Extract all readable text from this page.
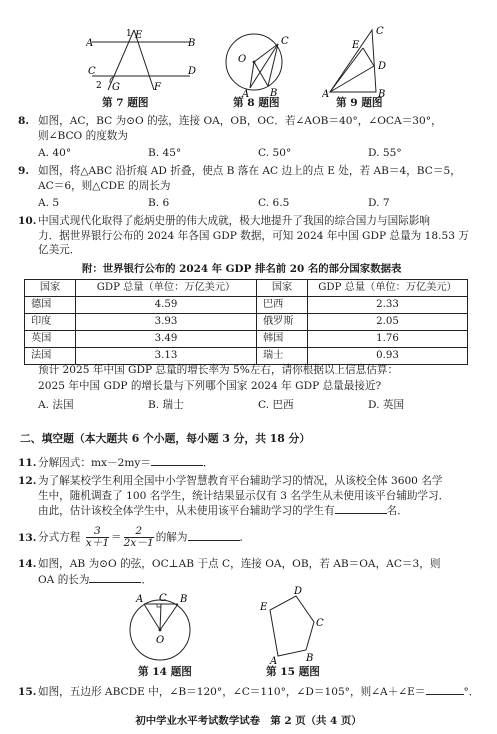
A
1 E
B
C	D
2 G	F
第 7 题图
O
C
A B
第 8 题图
C
E
D
A	B
第 9 题图
8. 如图，AC，BC 为⊙O 的弦，连接 OA，OB，OC．若∠AOB＝40°，∠OCA＝30°，
则∠BCO 的度数为
A. 40°	B. 45°	C. 50°	D. 55°
9. 如图，将△ABC 沿折痕 AD 折叠，使点 B 落在 AC 边上的点 E 处，若 AB＝4，BC＝5，
AC＝6，则△CDE 的周长为
A. 5	B. 6	C. 6.5	D. 7
10. 中国式现代化取得了彪炳史册的伟大成就，极大地提升了我国的综合国力与国际影响
力．据世界银行公布的 2024 年各国 GDP 数据，可知 2024 年中国 GDP 总量为 18.53 万
亿美元．
附：世界银行公布的 2024 年 GDP 排名前 20 名的部分国家数据表
国家	GDP 总量（单位：万亿美元）	国家	GDP 总量（单位：万亿美元）
德国	4.59	巴西	2.33
印度	3.93	俄罗斯	2.05
英国	3.49	韩国	1.76
法国	3.13	瑞士	0.93
预计 2025 年中国 GDP 总量的增长率为 5%左右，请你根据以上信息估算：
2025 年中国 GDP 的增长量与下列哪个国家 2024 年 GDP 总量最接近?
A. 法国	B. 瑞士	C. 巴西	D. 英国
二、填空题（本大题共 6 个小题，每小题 3 分，共 18 分）
11. 分解因式：mx－2my＝	．
12. 为了解某校学生利用全国中小学智慧教育平台辅助学习的情况，从该校全体 3600 名学
生中，随机调查了 100 名学生，统计结果显示仅有 3 名学生从未使用该平台辅助学习．
由此，估计该校全体学生中，从未使用该平台辅助学习的学生有	名．
13. 分式方程 $\frac{3}{x+1} = \frac{2}{2x-1}$ 的解为	．
14. 如图，AB 为⊙O 的弦，OC⊥AB 于点 C，连接 OA，OB，若 AB＝OA，AC＝3，则
OA 的长为	．
A C B
O
第 14 题图
D
E
C
A	B
第 15 题图
15. 如图，五边形 ABCDE 中，∠B＝120°，∠C＝110°，∠D＝105°，则∠A＋∠E＝	°．
初中学业水平考试数学试卷　第 2 页（共 4 页）
